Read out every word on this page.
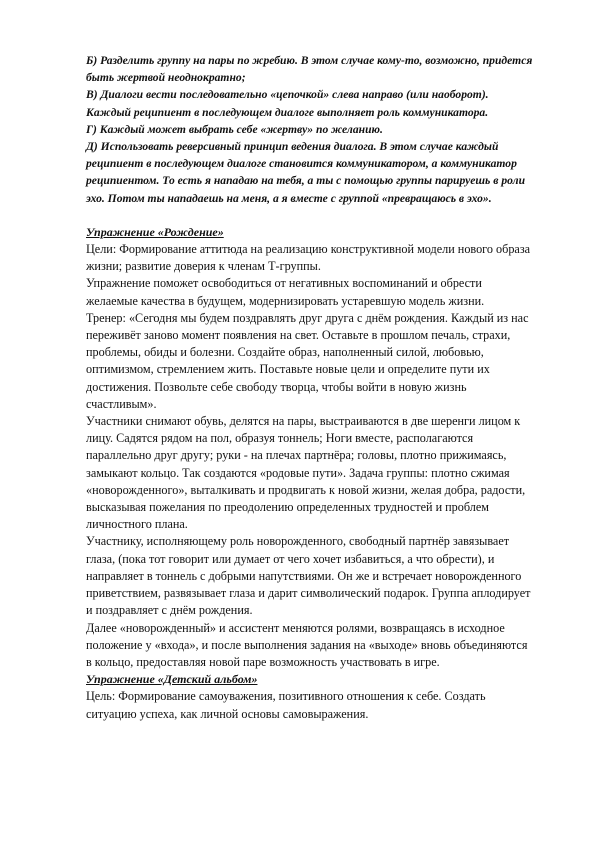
Б) Разделить группу на пары по жребию. В этом случае кому-то, возможно, придется быть жертвой неоднократно;

В) Диалоги вести последовательно «цепочкой» слева направо (или наоборот). Каждый реципиент в последующем диалоге выполняет роль коммуникатора.

Г) Каждый может выбрать себе «жертву» по желанию.

Д) Использовать реверсивный принцип ведения диалога. В этом случае каждый реципиент в последующем диалоге становится коммуникатором, а коммуникатор реципиентом. То есть я нападаю на тебя, а ты с помощью группы парируешь в роли эхо. Потом ты нападаешь на меня, а я вместе с группой «превращаюсь в эхо».

Упражнение «Рождение»

Цели: Формирование аттитюда на реализацию конструктивной модели нового образа жизни; развитие доверия к членам Т-группы.

Упражнение поможет освободиться от негативных воспоминаний и обрести желаемые качества в будущем, модернизировать устаревшую модель жизни.

Тренер: «Сегодня мы будем поздравлять друг друга с днём рождения. Каждый из нас переживёт заново момент появления на свет. Оставьте в прошлом печаль, страхи, проблемы, обиды и болезни. Создайте образ, наполненный силой, любовью, оптимизмом, стремлением жить. Поставьте новые цели и определите пути их достижения. Позвольте себе свободу творца, чтобы войти в новую жизнь счастливым».

Участники снимают обувь, делятся на пары, выстраиваются в две шеренги лицом к лицу. Садятся рядом на пол, образуя тоннель; Ноги вместе, располагаются параллельно друг другу; руки - на плечах партнёра; головы, плотно прижимаясь, замыкают кольцо. Так создаются «родовые пути». Задача группы: плотно сжимая «новорожденного», выталкивать и продвигать к новой жизни, желая добра, радости, высказывая пожелания по преодолению определенных трудностей и проблем личностного плана.

Участнику, исполняющему роль новорожденного, свободный партнёр завязывает глаза, (пока тот говорит или думает от чего хочет избавиться, а что обрести), и направляет в тоннель с добрыми напутствиями. Он же и встречает новорожденного приветствием, развязывает глаза и дарит символический подарок. Группа аплодирует и поздравляет с днём рождения.

Далее «новорожденный» и ассистент меняются ролями, возвращаясь в исходное положение у «входа», и после выполнения задания на «выходе» вновь объединяются в кольцо, предоставляя новой паре возможность участвовать в игре.

Упражнение «Детский альбом»

Цель: Формирование самоуважения, позитивного отношения к себе. Создать ситуацию успеха, как личной основы самовыражения.
